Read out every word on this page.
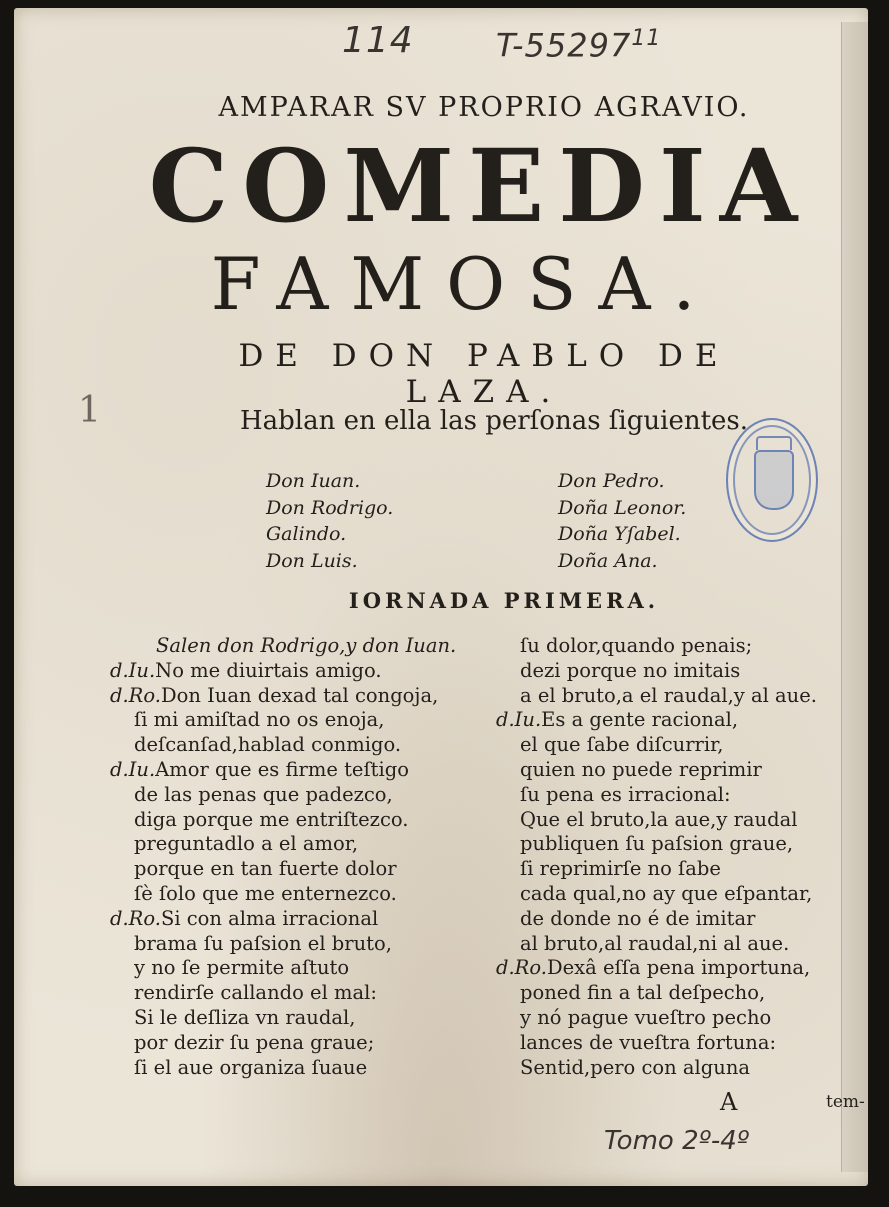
114	T-55297$^{11}$
AMPARAR SV PROPRIO AGRAVIO.
COMEDIA
FAMOSA.
DE DON PABLO DE LAZA.
1	Hablan en ella las perſonas ſiguientes.
Don Iuan.
Don Rodrigo.
Galindo.
Don Luis.
Don Pedro.
Doña Leonor.
Doña Yſabel.
Doña Ana.
IORNADA PRIMERA.
Salen don Rodrigo,y don Iuan.
d.Iu.No me diuirtais amigo.
d.Ro.Don Iuan dexad tal congoja,
ſi mi amiſtad no os enoja,
deſcanſad,hablad conmigo.
d.Iu.Amor que es firme teſtigo
de las penas que padezco,
diga porque me entriſtezco.
preguntadlo a el amor,
porque en tan fuerte dolor
ſè ſolo que me enternezco.
d.Ro.Si con alma irracional
brama ſu paſsion el bruto,
y no ſe permite aſtuto
rendirſe callando el mal:
Si le deſliza vn raudal,
por dezir ſu pena graue;
ſi el aue organiza ſuaue
ſu dolor,quando penais;
dezi porque no imitais
a el bruto,a el raudal,y al aue.
d.Iu.Es a gente racional,
el que ſabe diſcurrir,
quien no puede reprimir
ſu pena es irracional:
Que el bruto,la aue,y raudal
publiquen ſu paſsion graue,
ſi reprimirſe no ſabe
cada qual,no ay que eſpantar,
de donde no é de imitar
al bruto,al raudal,ni al aue.
d.Ro.Dexâ eſſa pena importuna,
poned fin a tal deſpecho,
y nó pague vueſtro pecho
lances de vueſtra fortuna:
Sentid,pero con alguna
A	tem-
Tomo 2º-4º
